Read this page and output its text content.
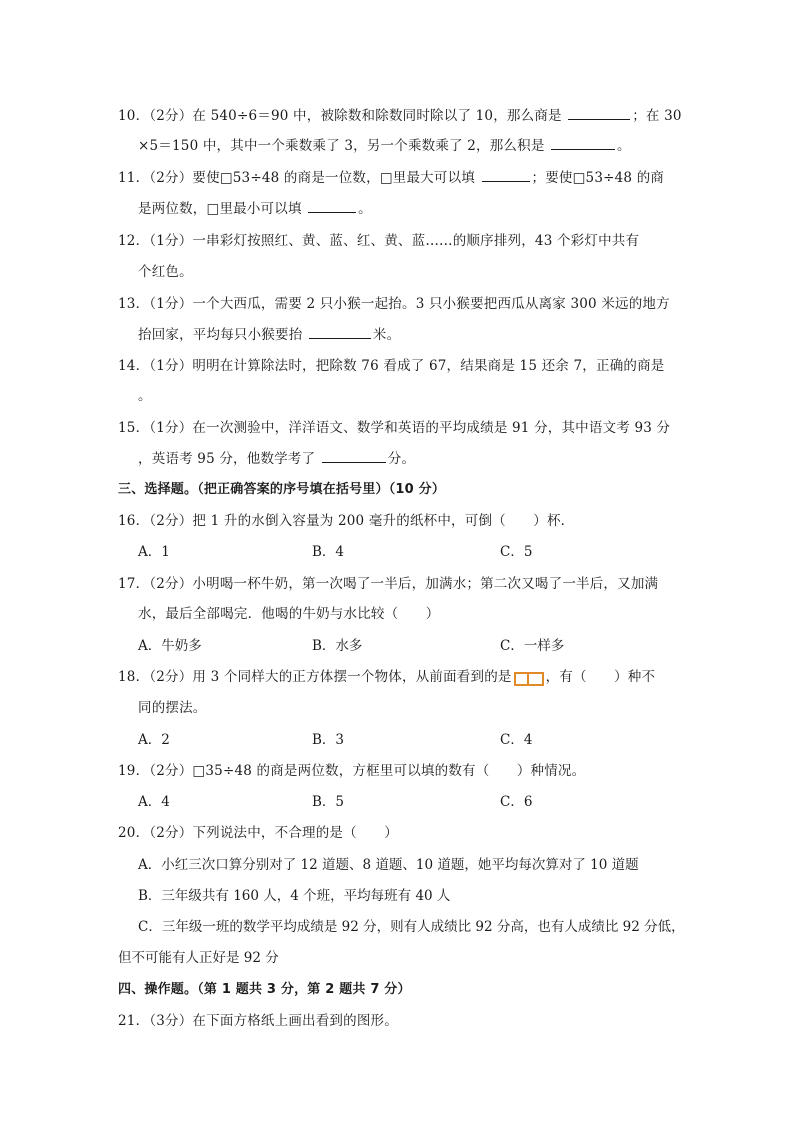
10．（2分）在 540÷6＝90 中，被除数和除数同时除以了 10，那么商是	；在 30
×5＝150 中，其中一个乘数乘了 3，另一个乘数乘了 2，那么积是	。
11．（2分）要使□53÷48 的商是一位数，□里最大可以填	；要使□53÷48 的商
是两位数，□里最小可以填	。
12．（1分）一串彩灯按照红、黄、蓝、红、黄、蓝……的顺序排列，43 个彩灯中共有
个红色。
13．（1分）一个大西瓜，需要 2 只小猴一起抬。3 只小猴要把西瓜从离家 300 米远的地方
抬回家，平均每只小猴要抬	米。
14．（1分）明明在计算除法时，把除数 76 看成了 67，结果商是 15 还余 7，正确的商是
。
15．（1分）在一次测验中，洋洋语文、数学和英语的平均成绩是 91 分，其中语文考 93 分
，英语考 95 分，他数学考了	分。
三、选择题。（把正确答案的序号填在括号里）（10 分）
16．（2分）把 1 升的水倒入容量为 200 毫升的纸杯中，可倒（　　）杯．
A．1	B．4	C．5
17．（2分）小明喝一杯牛奶，第一次喝了一半后，加满水；第二次又喝了一半后，又加满
水，最后全部喝完．他喝的牛奶与水比较（　　）
A．牛奶多	B．水多	C．一样多
18．（2分）用 3 个同样大的正方体摆一个物体，从前面看到的是	，有（　　）种不
同的摆法。
A．2	B．3	C．4
19．（2分）□35÷48 的商是两位数，方框里可以填的数有（　　）种情况。
A．4	B．5	C．6
20．（2分）下列说法中，不合理的是（　　）
A．小红三次口算分别对了 12 道题、8 道题、10 道题，她平均每次算对了 10 道题
B．三年级共有 160 人，4 个班，平均每班有 40 人
C．三年级一班的数学平均成绩是 92 分，则有人成绩比 92 分高，也有人成绩比 92 分低，
但不可能有人正好是 92 分
四、操作题。（第 1 题共 3 分，第 2 题共 7 分）
21．（3分）在下面方格纸上画出看到的图形。
